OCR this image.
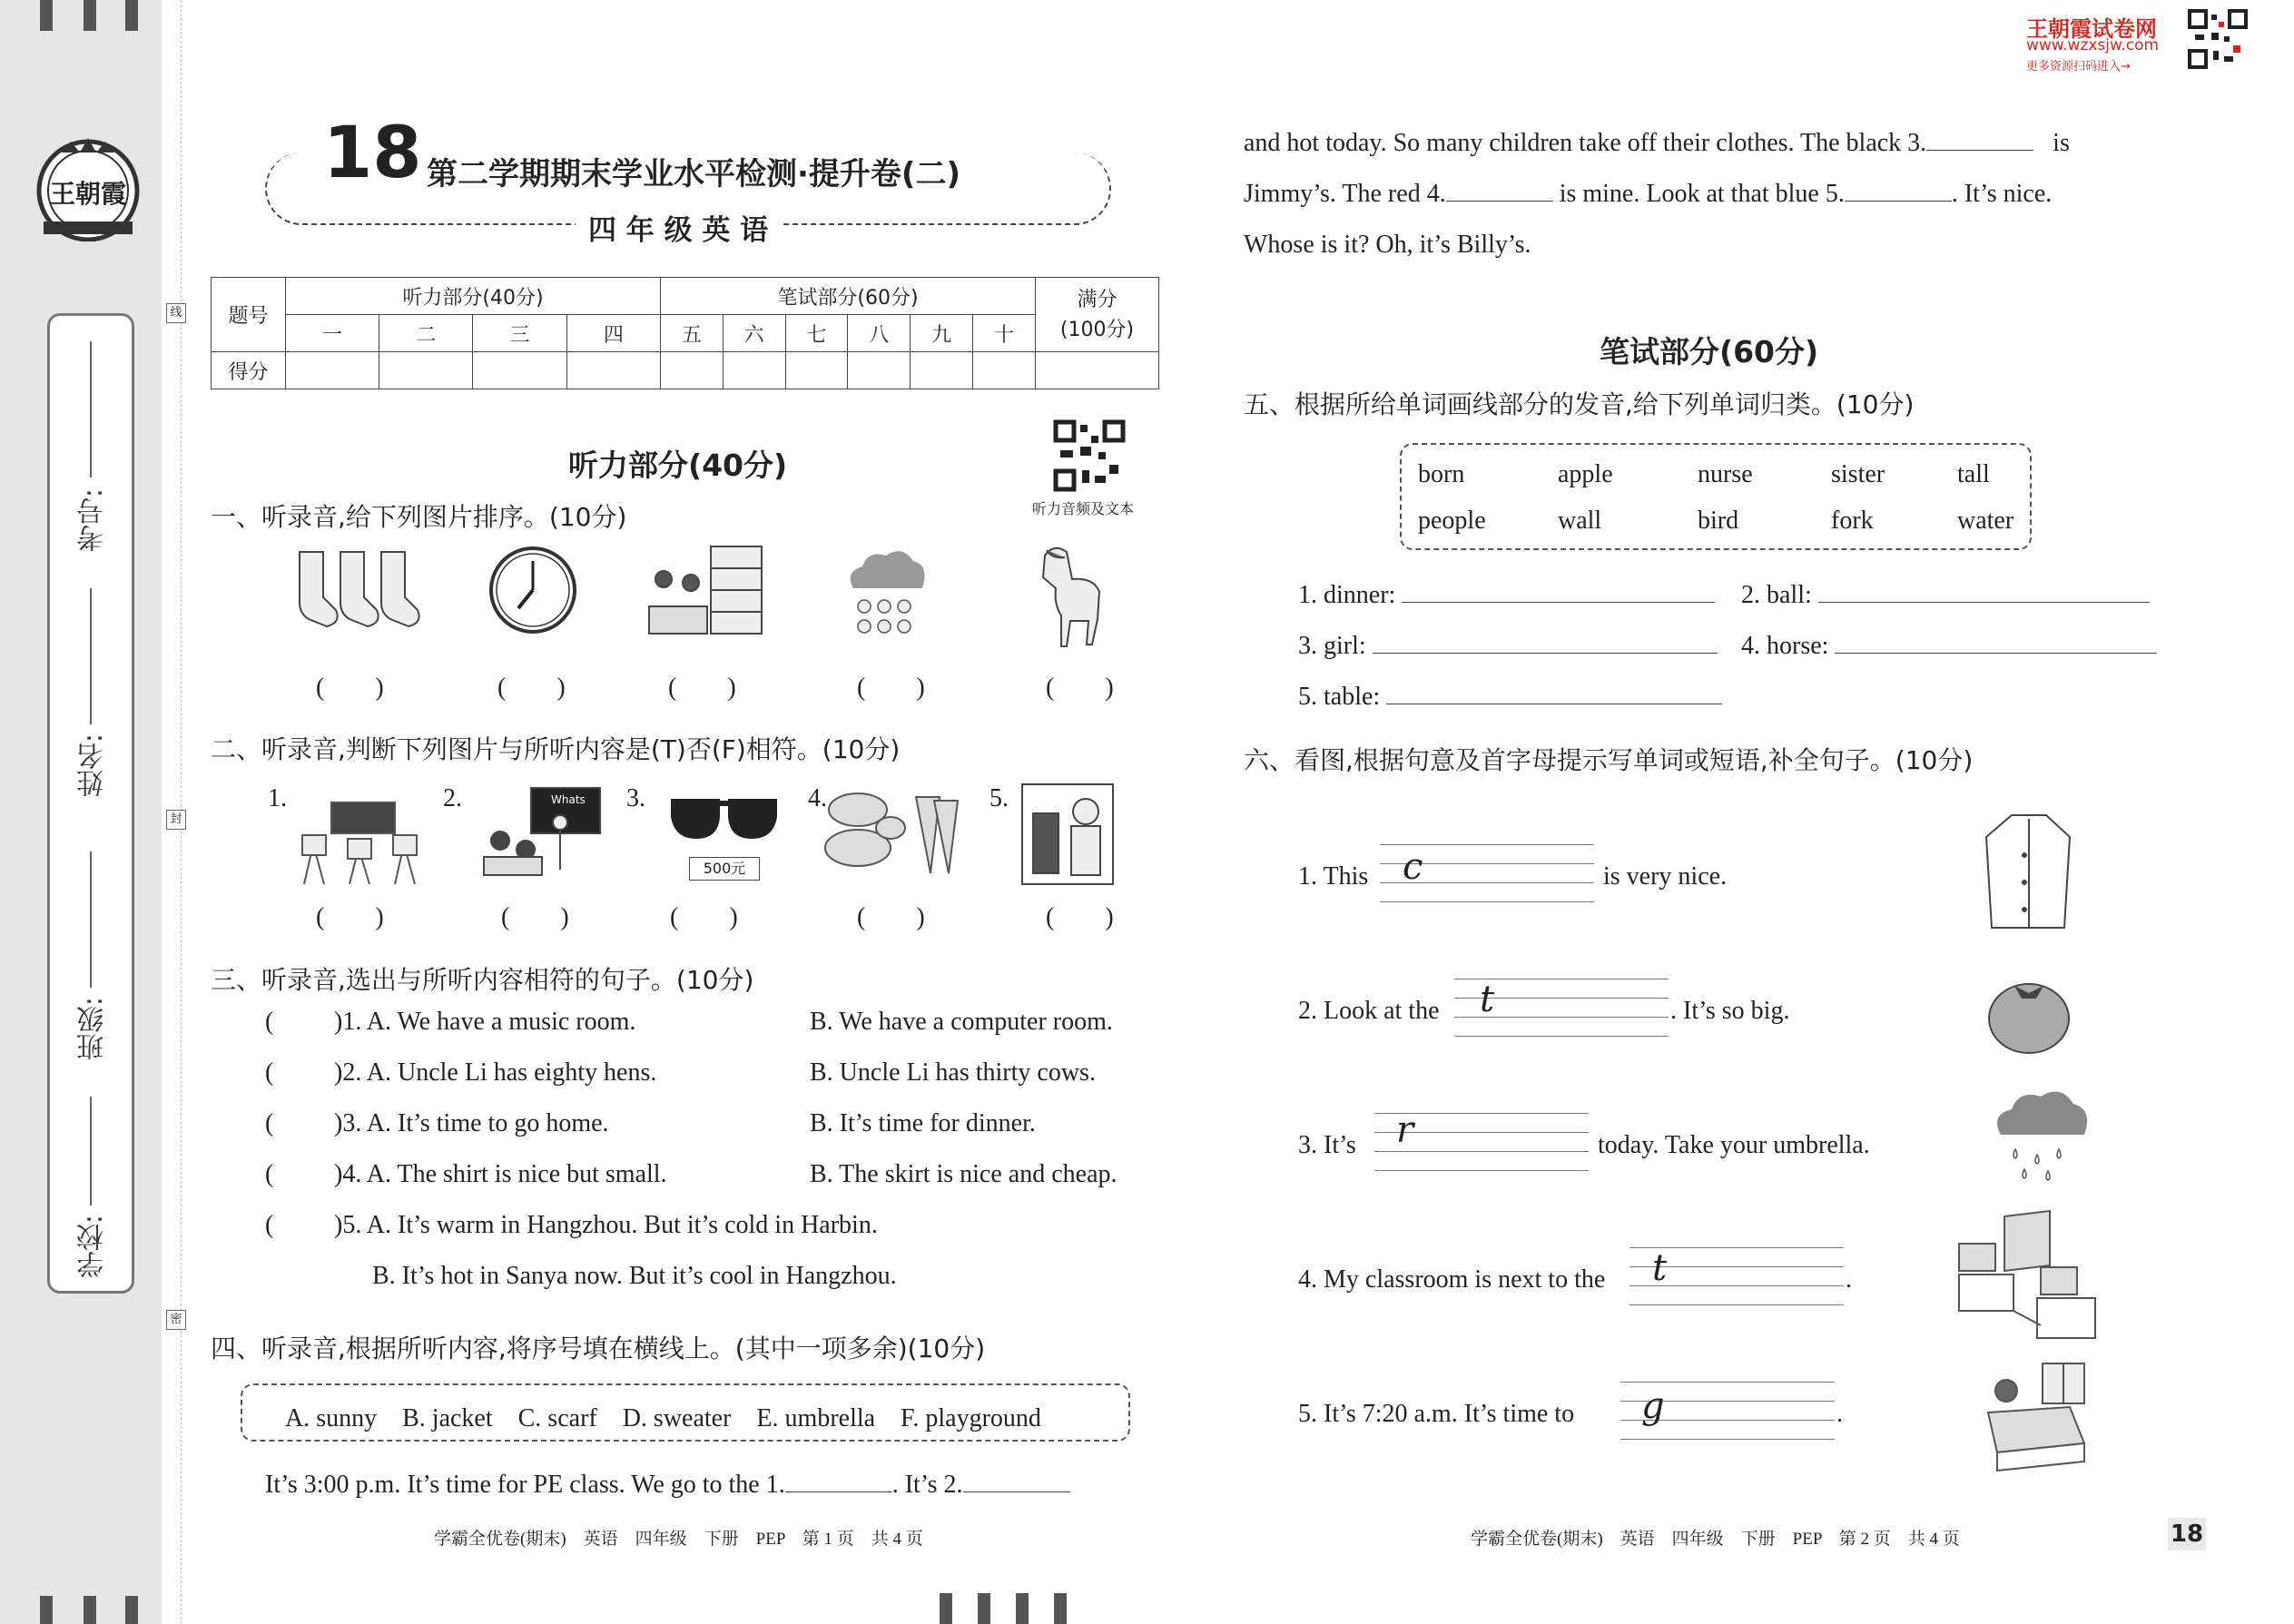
王朝霞
考号:
姓名:
班级:
学校:
线
封
密
18 第二学期期末学业水平检测·提升卷(二)
四 年 级 英 语
王朝霞试卷网
www.wzxsjw.com
更多资源扫码进入→
题号	听力部分(40分)				笔试部分(60分)						满分
(100分)
	一	二	三	四	五	六	七	八	九	十	
得分											
听力部分(40分)
听力音频及文本
一、听录音,给下列图片排序。(10分)
(　　)	(　　)	(　　)	(　　)	(　　)
二、听录音,判断下列图片与所听内容是(T)否(F)相符。(10分)
1.	2.	3.	4.	5.
Whats
500元
(　　)	(　　)	(　　)	(　　)	(　　)
三、听录音,选出与所听内容相符的句子。(10分)
( )1. A. We have a music room.	B. We have a computer room.
( )2. A. Uncle Li has eighty hens.	B. Uncle Li has thirty cows.
( )3. A. It’s time to go home.	B. It’s time for dinner.
( )4. A. The shirt is nice but small.	B. The skirt is nice and cheap.
( )5. A. It’s warm in Hangzhou. But it’s cold in Harbin.
B. It’s hot in Sanya now. But it’s cool in Hangzhou.
四、听录音,根据所听内容,将序号填在横线上。(其中一项多余)(10分)
A. sunny　B. jacket　C. scarf　D. sweater　E. umbrella　F. playground
It’s 3:00 p.m. It’s time for PE class. We go to the 1.	. It’s 2.
and hot today. So many children take off their clothes. The black 3.	is
Jimmy’s. The red 4.	is mine. Look at that blue 5.	. It’s nice.
Whose is it? Oh, it’s Billy’s.
笔试部分(60分)
五、根据所给单词画线部分的发音,给下列单词归类。(10分)
born	apple	nurse	sister	tall
people	wall	bird	fork	water
1. dinner:	2. ball:
3. girl:	4. horse:
5. table:
六、看图,根据句意及首字母提示写单词或短语,补全句子。(10分)
1. This c	is very nice.
2. Look at the t	. It’s so big.
3. It’s r	today. Take your umbrella.
4. My classroom is next to the t	.
5. It’s 7:20 a.m. It’s time to g	.
学霸全优卷(期末)　英语　四年级　下册　PEP　第 1 页　共 4 页	学霸全优卷(期末)　英语　四年级　下册　PEP　第 2 页　共 4 页	18
